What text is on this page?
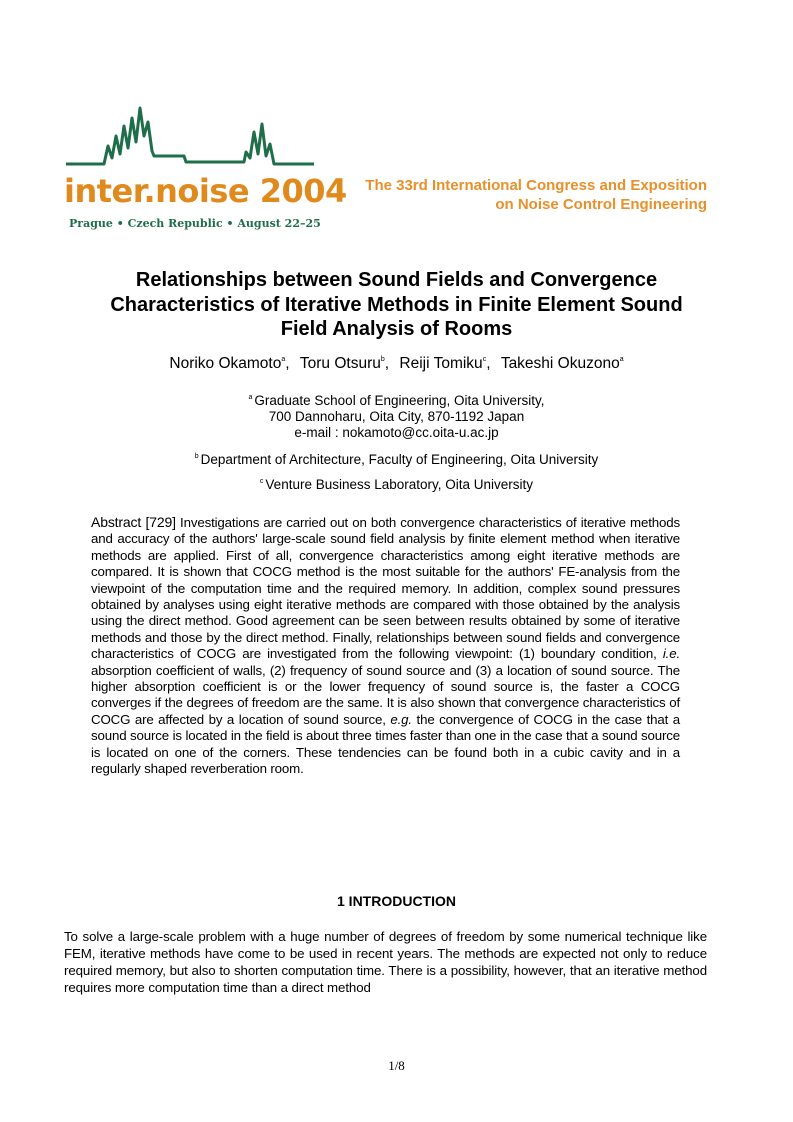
inter.noise 2004
Prague • Czech Republic • August 22–25
The 33rd International Congress and Exposition
on Noise Control Engineering
Relationships between Sound Fields and Convergence
Characteristics of Iterative Methods in Finite Element Sound
Field Analysis of Rooms
Noriko Okamoto$^a$, Toru Otsuru$^b$, Reiji Tomiku$^c$, Takeshi Okuzono$^a$
$^a$ Graduate School of Engineering, Oita University,
700 Dannoharu, Oita City, 870-1192 Japan
e-mail : nokamoto@cc.oita-u.ac.jp
$^b$ Department of Architecture, Faculty of Engineering, Oita University
$^c$ Venture Business Laboratory, Oita University
Abstract [729] Investigations are carried out on both convergence characteristics of iterative methods and accuracy of the authors' large-scale sound field analysis by finite element method when iterative methods are applied. First of all, convergence characteristics among eight iterative methods are compared. It is shown that COCG method is the most suitable for the authors' FE-analysis from the viewpoint of the computation time and the required memory. In addition, complex sound pressures obtained by analyses using eight iterative methods are compared with those obtained by the analysis using the direct method. Good agreement can be seen between results obtained by some of iterative methods and those by the direct method. Finally, relationships between sound fields and convergence characteristics of COCG are investigated from the following viewpoint: (1) boundary condition, i.e. absorption coefficient of walls, (2) frequency of sound source and (3) a location of sound source. The higher absorption coefficient is or the lower frequency of sound source is, the faster a COCG converges if the degrees of freedom are the same. It is also shown that convergence characteristics of COCG are affected by a location of sound source, e.g. the convergence of COCG in the case that a sound source is located in the field is about three times faster than one in the case that a sound source is located on one of the corners. These tendencies can be found both in a cubic cavity and in a regularly shaped reverberation room.
1 INTRODUCTION
To solve a large-scale problem with a huge number of degrees of freedom by some numerical technique like FEM, iterative methods have come to be used in recent years. The methods are expected not only to reduce required memory, but also to shorten computation time. There is a possibility, however, that an iterative method requires more computation time than a direct method
1/8
